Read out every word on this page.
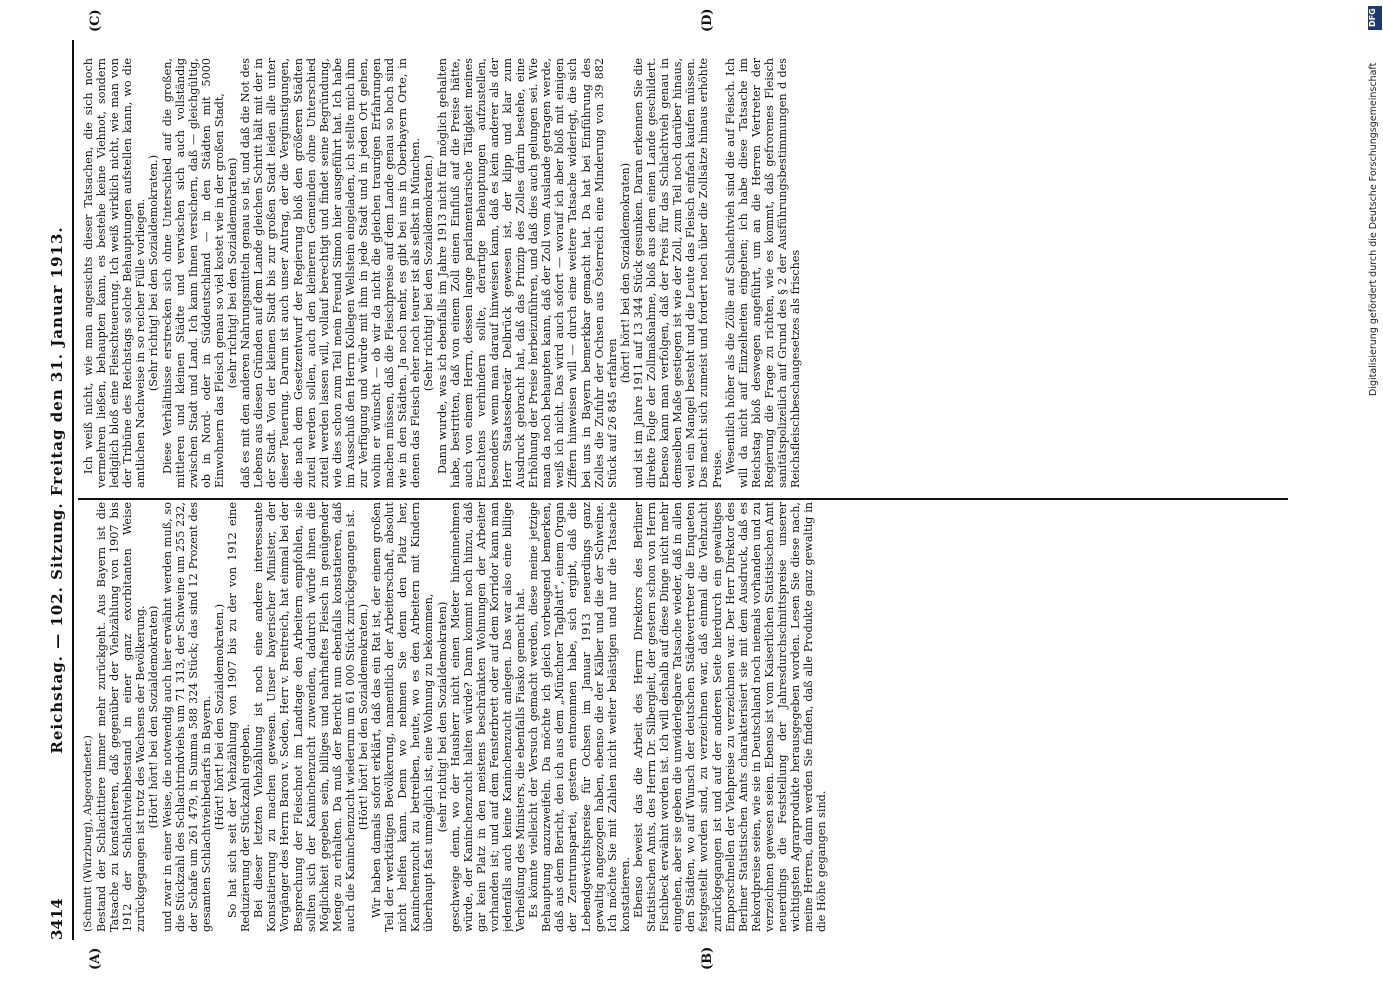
3414
Reichstag. — 102. Sitzung. Freitag den 31. Januar 1913.
(A)	(B)
(C)	(D)

(Schmitt (Würzburg), Abgeordneter.) Bestand der Schlachttiere immer mehr zurückgeht. Aus Bayern ist die Tatsache zu konstatieren, daß gegenüber der Viehzählung von 1907 bis 1912 der Schlachtviehbestand in einer ganz exorbitanten Weise zurückgegangen ist trotz des Wachsens der Bevölkerung. (Hört! hört! bei den Sozialdemokraten) und zwar in einer Weise, die notwendig auch hier erwähnt werden muß, so die Stückzahl des Schlachtrindviehs um 71 313, der Schweine um 255 232, der Schafe um 261 479, in Summa 588 324 Stück; das sind 12 Prozent des gesamten Schlachtviehbedarfs in Bayern. (Hört! hört! bei den Sozialdemokraten.) So hat sich seit der Viehzählung von 1907 bis zu der von 1912 eine Reduzierung der Stückzahl ergeben. Bei dieser letzten Viehzählung ist noch eine andere interessante Konstatierung zu machen gewesen. Unser bayerischer Minister, der Vorgänger des Herrn Baron v. Soden, Herr v. Breitreich, hat einmal bei der Besprechung der Fleischnot im Landtage den Arbeitern empfohlen, sie sollten sich der Kaninchenzucht zuwenden, dadurch würde ihnen die Möglichkeit gegeben sein, billiges und nahrhaftes Fleisch in genügender Menge zu erhalten. Da muß der Bericht nun ebenfalls konstatieren, daß auch die Kaninchenzucht wiederum um 61 000 Stück zurückgegangen ist. (Hört! hört! bei den Sozialdemokraten.) Wir haben damals sofort erklärt, daß das ein Rat ist, der einem großen Teil der werktätigen Bevölkerung, namentlich der Arbeiterschaft, absolut nicht helfen kann. Denn wo nehmen Sie denn den Platz her, Kaninchenzucht zu betreiben, heute, wo es den Arbeitern mit Kindern überhaupt fast unmöglich ist, eine Wohnung zu bekommen, (sehr richtig! bei den Sozialdemokraten) geschweige denn, wo der Hausherr nicht einen Mieter hineinnehmen würde, der Kaninchenzucht halten würde? Dann kommt noch hinzu, daß gar kein Platz in den meistens beschränkten Wohnungen der Arbeiter vorhanden ist; und auf dem Fensterbrett oder auf dem Korridor kann man jedenfalls auch keine Kaninchenzucht anlegen. Das war also eine billige Verheißung des Ministers, die ebenfalls Fiasko gemacht hat. Es könnte vielleicht der Versuch gemacht werden, diese meine jetzige Behauptung anzuzweifeln. Da möchte ich gleich vorbeugend bemerken, daß aus dem Bericht, den ich aus dem „Münchner Tagblatt“, einem Organ der Zentrumspartei, gestern entnommen habe, sich ergibt, daß die Lebendgewichtspreise für Ochsen im Januar 1913 neuerdings ganz gewaltig angezogen haben, ebenso die der Kälber und die der Schweine. Ich möchte Sie mit Zahlen nicht weiter belästigen und nur die Tatsache konstatieren. Ebenso beweist das die Arbeit des Herrn Direktors des Berliner Statistischen Amts, des Herrn Dr. Silbergleit, der gestern schon von Herrn Fischbeck erwähnt worden ist. Ich will deshalb auf diese Dinge nicht mehr eingehen, aber sie geben die unwiderlegbare Tatsache wieder, daß in allen den Städten, wo auf Wunsch der deutschen Städtevertreter die Enqueten festgestellt worden sind, zu verzeichnen war, daß einmal die Viehzucht zurückgegangen ist und auf der anderen Seite hierdurch ein gewaltiges Emporschnellen der Viehpreise zu verzeichnen war. Der Herr Direktor des Berliner Statistischen Amts charakterisiert sie mit dem Ausdruck, daß es Rekordpreise seien, wie sie in Deutschland noch niemals vorhanden und zu verzeichnen gewesen seien. Ebenso ist vom Kaiserlichen Statistischen Amt neuerdings die Feststellung der Jahresdurchschnittspreise unserer wichtigsten Agrarprodukte herausgegeben worden. Lesen Sie diese nach, meine Herren, dann werden Sie finden, daß alle Produkte ganz gewaltig in die Höhe gegangen sind.

Ich weiß nicht, wie man angesichts dieser Tatsachen, die sich noch vermehren ließen, behaupten kann, es bestehe keine Viehnot, sondern lediglich bloß eine Fleischteuerung. Ich weiß wirklich nicht, wie man von der Tribüne des Reichstags solche Behauptungen aufstellen kann, wo die amtlichen Nachweise in so reicher Fülle vorliegen. (Sehr richtig! bei den Sozialdemokraten.) Diese Verhältnisse erstrecken sich ohne Unterschied auf die großen, mittleren und kleinen Städte und verwischen sich auch vollständig zwischen Stadt und Land. Ich kann Ihnen versichern, daß — gleichgültig, ob in Nord- oder in Süddeutschland — in den Städten mit 5000 Einwohnern das Fleisch genau so viel kostet wie in der großen Stadt, (sehr richtig! bei den Sozialdemokraten) daß es mit den anderen Nahrungsmitteln genau so ist, und daß die Not des Lebens aus diesen Gründen auf dem Lande gleichen Schritt hält mit der in der Stadt. Von der kleinen Stadt bis zur großen Stadt leiden alle unter dieser Teuerung. Darum ist auch unser Antrag, der die Vergünstigungen, die nach dem Gesetzentwurf der Regierung bloß den größeren Städten zuteil werden sollen, auch den kleineren Gemeinden ohne Unterschied zuteil werden lassen will, vollauf berechtigt und findet seine Begründung, wie dies schon zum Teil mein Freund Simon hier ausgeführt hat. Ich habe im Ausschuß den Herrn Kollegen Wellstein eingeladen, ich stellte mich ihm zur Verfügung und würde mit ihm in jede Stadt und in jeden Ort gehen, wohin er wünscht — ob wir da nicht die gleichen traurigen Erfahrungen machen müssen, daß die Fleischpreise auf dem Lande genau so hoch sind wie in den Städten. Ja noch mehr, es gibt bei uns in Oberbayern Orte, in denen das Fleisch eher noch teurer ist als selbst in München. (Sehr richtig! bei den Sozialdemokraten.) Dann wurde, was ich ebenfalls im Jahre 1913 nicht für möglich gehalten habe, bestritten, daß von einem Zoll einen Einfluß auf die Preise hätte, auch von einem Herrn, dessen lange parlamentarische Tätigkeit meines Erachtens verhindern sollte, derartige Behauptungen aufzustellen, besonders wenn man darauf hinweisen kann, daß es kein anderer als der Herr Staatssekretär Delbrück gewesen ist, der klipp und klar zum Ausdruck gebracht hat, daß das Prinzip des Zolles darin bestehe, eine Erhöhung der Preise herbeizuführen, und daß dies auch gelungen sei. Wie man da noch behaupten kann, daß der Zoll vom Auslande getragen werde, weiß ich nicht. Das wird auch sofort — worauf ich aber bloß mit einigen Ziffern hinweisen will — durch eine weitere Tatsache widerlegt, die sich bei uns in Bayern bemerkbar gemacht hat. Da hat bei Einführung des Zolles die Zufuhr der Ochsen aus Österreich eine Minderung von 39 882 Stück auf 26 845 erfahren

(hört! hört! bei den Sozialdemokraten) und ist im Jahre 1911 auf 13 344 Stück gesunken. Daran erkennen Sie die direkte Folge der Zollmaßnahme, bloß aus dem einen Lande geschildert. Ebenso kann man verfolgen, daß der Preis für das Schlachtvieh genau in demselben Maße gestiegen ist wie der Zoll, zum Teil noch darüber hinaus, weil ein Mangel besteht und die Leute das Fleisch einfach kaufen müssen. Das macht sich zumeist und fordert noch über die Zollsätze hinaus erhöhte Preise. Wesentlich höher als die Zölle auf Schlachtvieh sind die auf Fleisch. Ich will da nicht auf Einzelheiten eingehen; ich habe diese Tatsache im Reichstag bloß deswegen angeführt, um an die Herren Vertreter der Regierung die Frage zu richten, wie es kommt, daß gefrorenes Fleisch sanitätspolizeilich auf Grund des § 2 der Ausführungsbestimmungen d des Reichsfleischbeschaugesetzes als frisches

DFG
Digitalisierung gefördert durch die Deutsche Forschungsgemeinschaft
